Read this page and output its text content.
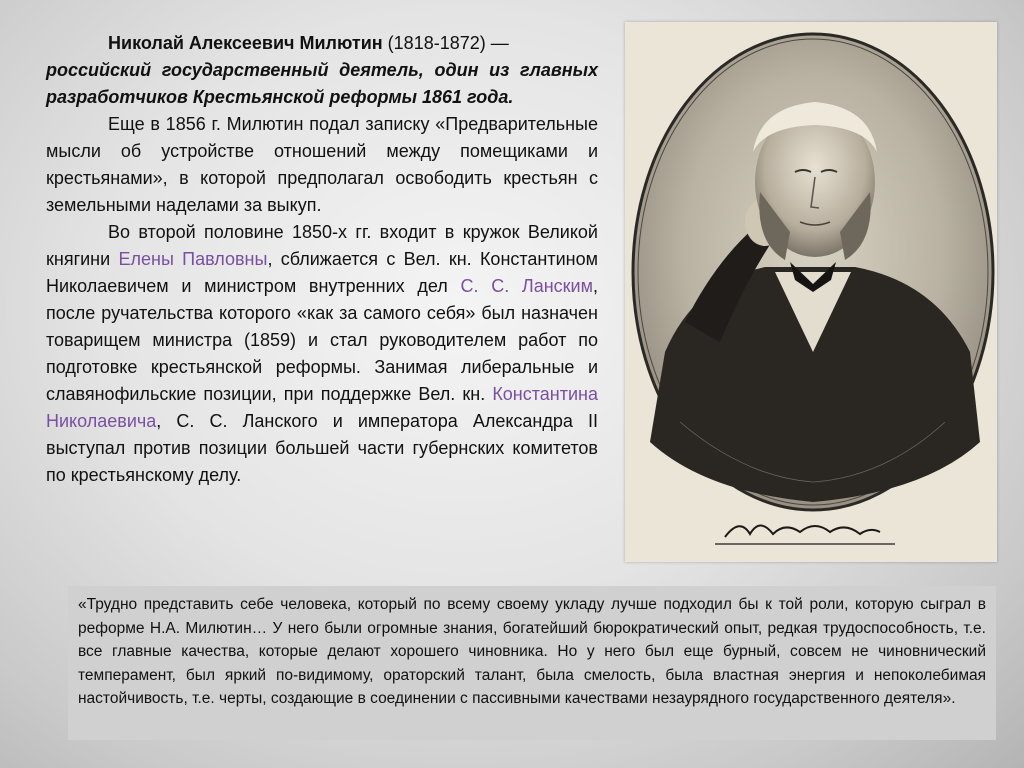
Николай Алексеевич Милютин (1818-1872) —

российский государственный деятель, один из главных разработчиков Крестьянской реформы 1861 года.

Еще в 1856 г. Милютин подал записку «Предварительные мысли об устройстве отношений между помещиками и крестьянами», в которой предполагал освободить крестьян с земельными наделами за выкуп.

Во второй половине 1850-х гг. входит в кружок Великой княгини Елены Павловны, сближается с Вел. кн. Константином Николаевичем и министром внутренних дел С. С. Ланским, после ручательства которого «как за самого себя» был назначен товарищем министра (1859) и стал руководителем работ по подготовке крестьянской реформы. Занимая либеральные и славянофильские позиции, при поддержке Вел. кн. Константина Николаевича, С. С. Ланского и императора Александра II выступал против позиции большей части губернских комитетов по крестьянскому делу.

«Трудно представить себе человека, который по всему своему укладу лучше подходил бы к той роли, которую сыграл в реформе Н.А. Милютин… У него были огромные знания, богатейший бюрократический опыт, редкая трудоспособность, т.е. все главные качества, которые делают хорошего чиновника. Но у него был еще бурный, совсем не чиновнический темперамент, был яркий по-видимому, ораторский талант, была смелость, была властная энергия и непоколебимая настойчивость, т.е. черты, создающие в соединении с пассивными качествами незаурядного государственного деятеля».
